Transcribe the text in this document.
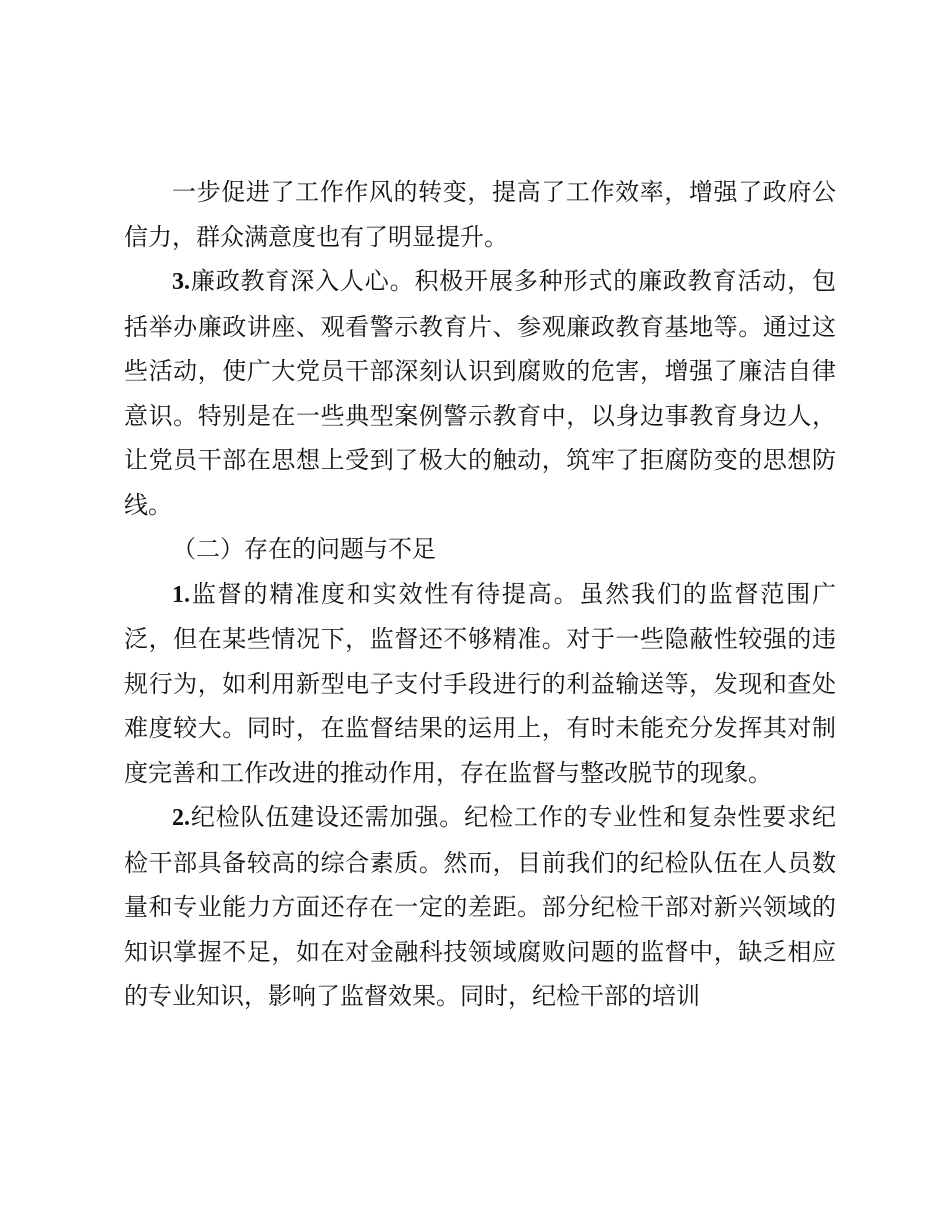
一步促进了工作作风的转变，提高了工作效率，增强了政府公信力，群众满意度也有了明显提升。

3.廉政教育深入人心。积极开展多种形式的廉政教育活动，包括举办廉政讲座、观看警示教育片、参观廉政教育基地等。通过这些活动，使广大党员干部深刻认识到腐败的危害，增强了廉洁自律意识。特别是在一些典型案例警示教育中，以身边事教育身边人，让党员干部在思想上受到了极大的触动，筑牢了拒腐防变的思想防线。

（二）存在的问题与不足

1.监督的精准度和实效性有待提高。虽然我们的监督范围广泛，但在某些情况下，监督还不够精准。对于一些隐蔽性较强的违规行为，如利用新型电子支付手段进行的利益输送等，发现和查处难度较大。同时，在监督结果的运用上，有时未能充分发挥其对制度完善和工作改进的推动作用，存在监督与整改脱节的现象。

2.纪检队伍建设还需加强。纪检工作的专业性和复杂性要求纪检干部具备较高的综合素质。然而，目前我们的纪检队伍在人员数量和专业能力方面还存在一定的差距。部分纪检干部对新兴领域的知识掌握不足，如在对金融科技领域腐败问题的监督中，缺乏相应的专业知识，影响了监督效果。同时，纪检干部的培训
